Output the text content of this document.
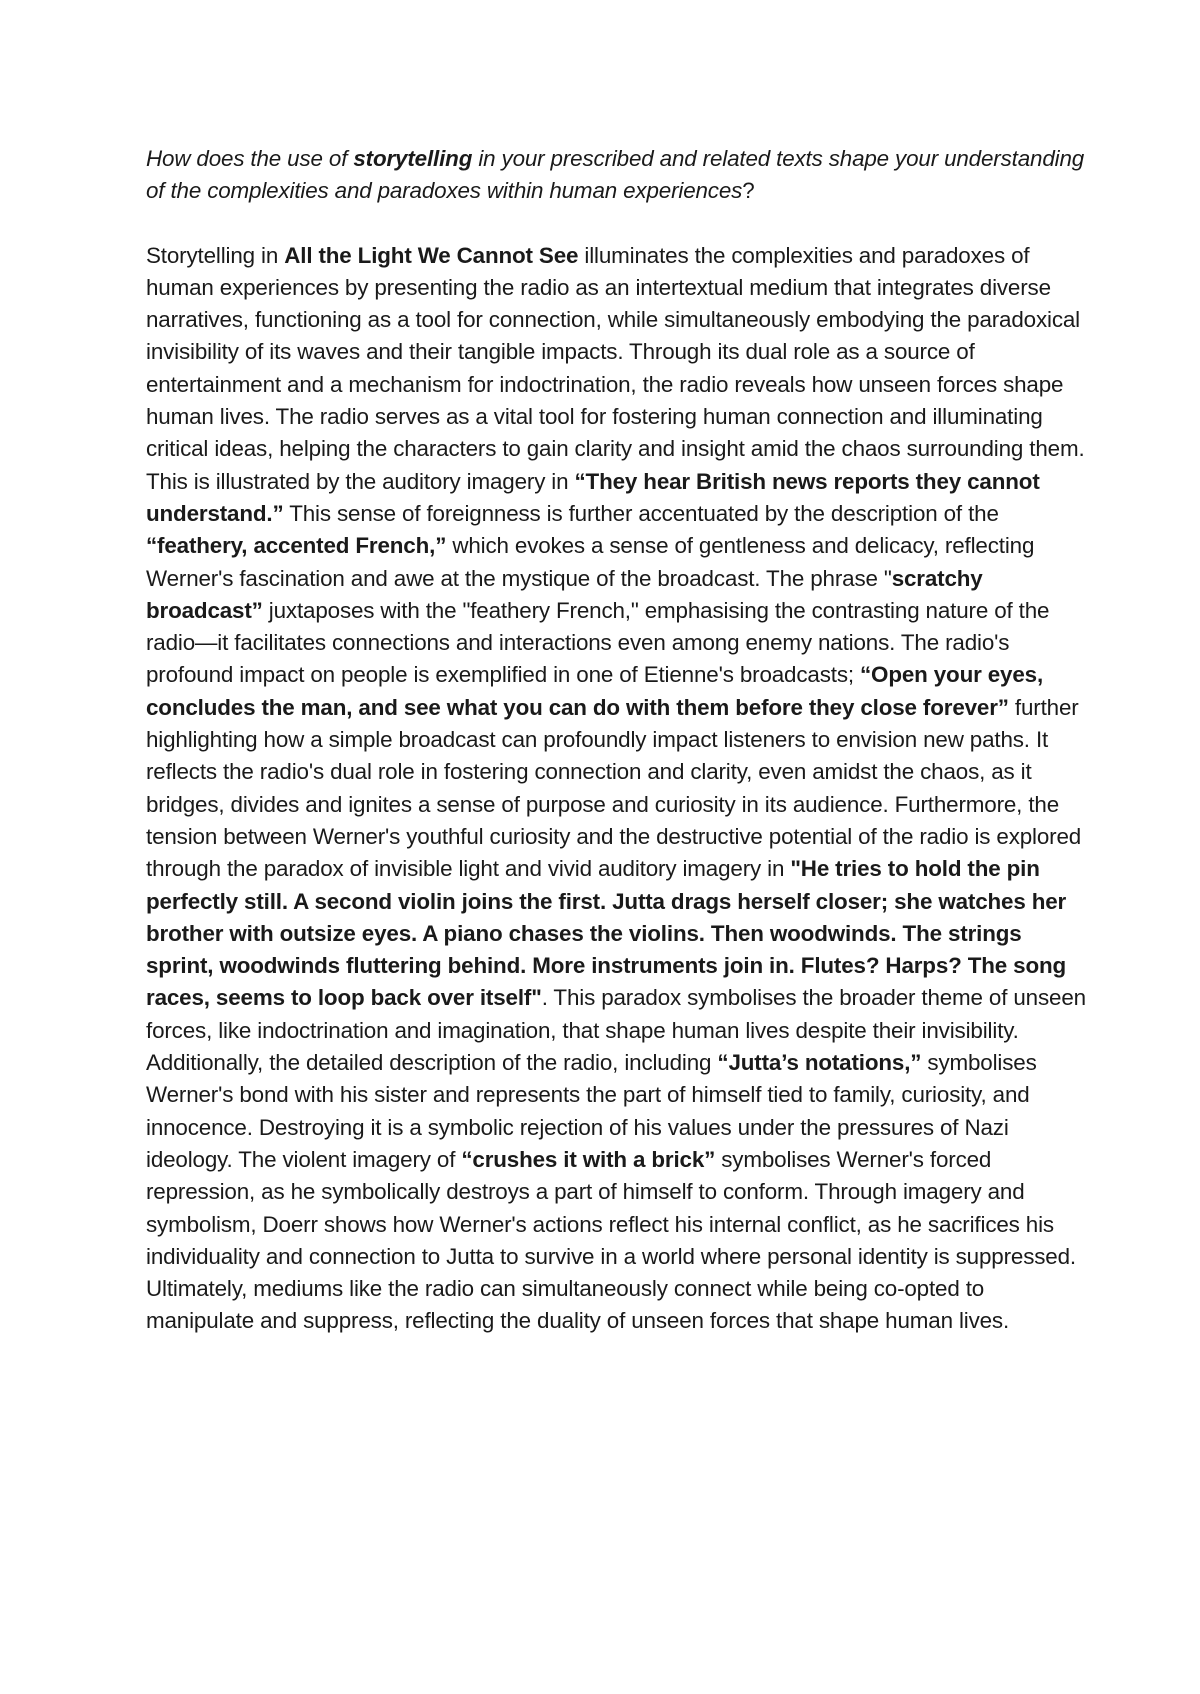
How does the use of storytelling in your prescribed and related texts shape your understanding of the complexities and paradoxes within human experiences?

Storytelling in All the Light We Cannot See illuminates the complexities and paradoxes of human experiences by presenting the radio as an intertextual medium that integrates diverse narratives, functioning as a tool for connection, while simultaneously embodying the paradoxical invisibility of its waves and their tangible impacts. Through its dual role as a source of entertainment and a mechanism for indoctrination, the radio reveals how unseen forces shape human lives. The radio serves as a vital tool for fostering human connection and illuminating critical ideas, helping the characters to gain clarity and insight amid the chaos surrounding them. This is illustrated by the auditory imagery in “They hear British news reports they cannot understand.” This sense of foreignness is further accentuated by the description of the “feathery, accented French,” which evokes a sense of gentleness and delicacy, reflecting Werner's fascination and awe at the mystique of the broadcast. The phrase "scratchy broadcast” juxtaposes with the "feathery French," emphasising the contrasting nature of the radio—it facilitates connections and interactions even among enemy nations. The radio's profound impact on people is exemplified in one of Etienne's broadcasts; “Open your eyes, concludes the man, and see what you can do with them before they close forever” further highlighting how a simple broadcast can profoundly impact listeners to envision new paths. It reflects the radio's dual role in fostering connection and clarity, even amidst the chaos, as it bridges, divides and ignites a sense of purpose and curiosity in its audience. Furthermore, the tension between Werner's youthful curiosity and the destructive potential of the radio is explored through the paradox of invisible light and vivid auditory imagery in "He tries to hold the pin perfectly still. A second violin joins the first. Jutta drags herself closer; she watches her brother with outsize eyes. A piano chases the violins. Then woodwinds. The strings sprint, woodwinds fluttering behind. More instruments join in. Flutes? Harps? The song races, seems to loop back over itself". This paradox symbolises the broader theme of unseen forces, like indoctrination and imagination, that shape human lives despite their invisibility.

Additionally, the detailed description of the radio, including “Jutta’s notations,” symbolises Werner's bond with his sister and represents the part of himself tied to family, curiosity, and innocence. Destroying it is a symbolic rejection of his values under the pressures of Nazi ideology. The violent imagery of “crushes it with a brick” symbolises Werner's forced repression, as he symbolically destroys a part of himself to conform. Through imagery and symbolism, Doerr shows how Werner's actions reflect his internal conflict, as he sacrifices his individuality and connection to Jutta to survive in a world where personal identity is suppressed. Ultimately, mediums like the radio can simultaneously connect while being co-opted to manipulate and suppress, reflecting the duality of unseen forces that shape human lives.
